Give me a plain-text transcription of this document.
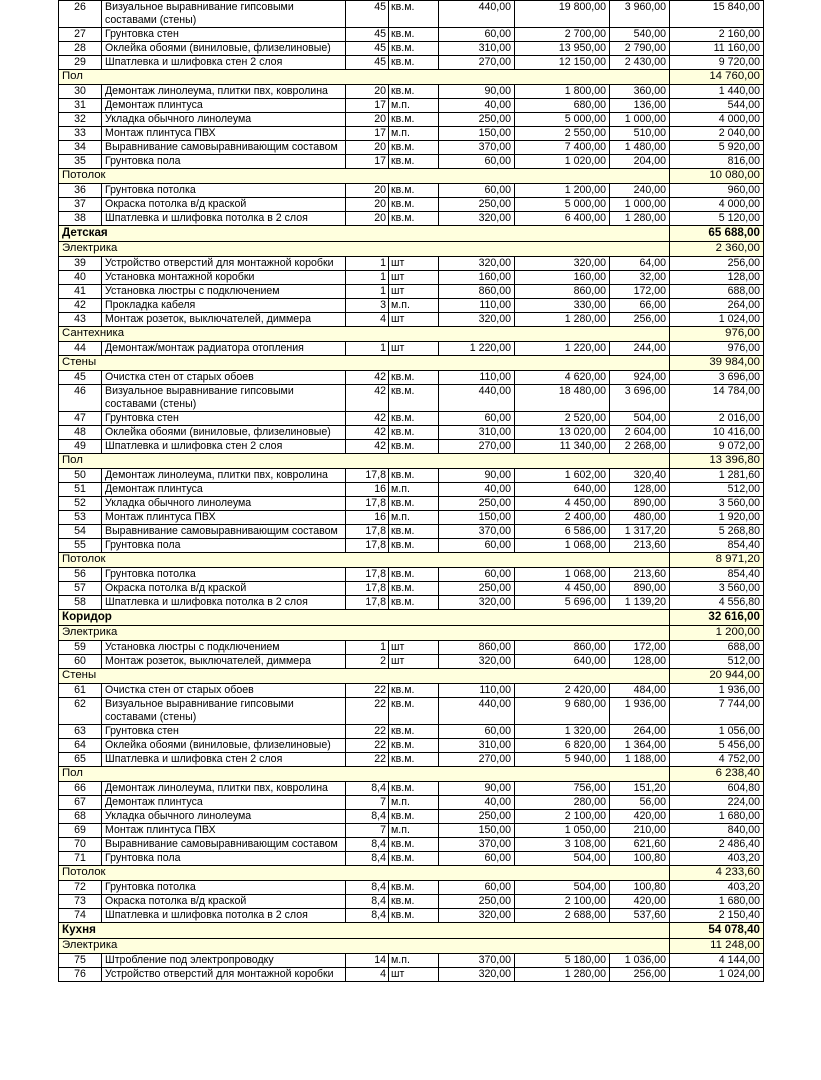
26	Визуальное выравнивание гипсовыми составами (стены)	45	кв.м.	440,00	19 800,00	3 960,00	15 840,00
27	Грунтовка стен	45	кв.м.	60,00	2 700,00	540,00	2 160,00
28	Оклейка обоями (виниловые, флизелиновые)	45	кв.м.	310,00	13 950,00	2 790,00	11 160,00
29	Шпатлевка и шлифовка стен 2 слоя	45	кв.м.	270,00	12 150,00	2 430,00	9 720,00
Пол							14 760,00
30	Демонтаж линолеума, плитки пвх, ковролина	20	кв.м.	90,00	1 800,00	360,00	1 440,00
31	Демонтаж плинтуса	17	м.п.	40,00	680,00	136,00	544,00
32	Укладка обычного линолеума	20	кв.м.	250,00	5 000,00	1 000,00	4 000,00
33	Монтаж плинтуса ПВХ	17	м.п.	150,00	2 550,00	510,00	2 040,00
34	Выравнивание самовыравнивающим составом	20	кв.м.	370,00	7 400,00	1 480,00	5 920,00
35	Грунтовка пола	17	кв.м.	60,00	1 020,00	204,00	816,00
Потолок							10 080,00
36	Грунтовка потолка	20	кв.м.	60,00	1 200,00	240,00	960,00
37	Окраска потолка в/д краской	20	кв.м.	250,00	5 000,00	1 000,00	4 000,00
38	Шпатлевка и шлифовка потолка в 2 слоя	20	кв.м.	320,00	6 400,00	1 280,00	5 120,00
Детская							65 688,00
Электрика							2 360,00
39	Устройство отверстий для монтажной коробки	1	шт	320,00	320,00	64,00	256,00
40	Установка монтажной коробки	1	шт	160,00	160,00	32,00	128,00
41	Установка люстры с подключением	1	шт	860,00	860,00	172,00	688,00
42	Прокладка кабеля	3	м.п.	110,00	330,00	66,00	264,00
43	Монтаж розеток, выключателей, диммера	4	шт	320,00	1 280,00	256,00	1 024,00
Сантехника							976,00
44	Демонтаж/монтаж радиатора отопления	1	шт	1 220,00	1 220,00	244,00	976,00
Стены							39 984,00
45	Очистка стен от старых обоев	42	кв.м.	110,00	4 620,00	924,00	3 696,00
46	Визуальное выравнивание гипсовыми составами (стены)	42	кв.м.	440,00	18 480,00	3 696,00	14 784,00
47	Грунтовка стен	42	кв.м.	60,00	2 520,00	504,00	2 016,00
48	Оклейка обоями (виниловые, флизелиновые)	42	кв.м.	310,00	13 020,00	2 604,00	10 416,00
49	Шпатлевка и шлифовка стен 2 слоя	42	кв.м.	270,00	11 340,00	2 268,00	9 072,00
Пол							13 396,80
50	Демонтаж линолеума, плитки пвх, ковролина	17,8	кв.м.	90,00	1 602,00	320,40	1 281,60
51	Демонтаж плинтуса	16	м.п.	40,00	640,00	128,00	512,00
52	Укладка обычного линолеума	17,8	кв.м.	250,00	4 450,00	890,00	3 560,00
53	Монтаж плинтуса ПВХ	16	м.п.	150,00	2 400,00	480,00	1 920,00
54	Выравнивание самовыравнивающим составом	17,8	кв.м.	370,00	6 586,00	1 317,20	5 268,80
55	Грунтовка пола	17,8	кв.м.	60,00	1 068,00	213,60	854,40
Потолок							8 971,20
56	Грунтовка потолка	17,8	кв.м.	60,00	1 068,00	213,60	854,40
57	Окраска потолка в/д краской	17,8	кв.м.	250,00	4 450,00	890,00	3 560,00
58	Шпатлевка и шлифовка потолка в 2 слоя	17,8	кв.м.	320,00	5 696,00	1 139,20	4 556,80
Коридор							32 616,00
Электрика							1 200,00
59	Установка люстры с подключением	1	шт	860,00	860,00	172,00	688,00
60	Монтаж розеток, выключателей, диммера	2	шт	320,00	640,00	128,00	512,00
Стены							20 944,00
61	Очистка стен от старых обоев	22	кв.м.	110,00	2 420,00	484,00	1 936,00
62	Визуальное выравнивание гипсовыми составами (стены)	22	кв.м.	440,00	9 680,00	1 936,00	7 744,00
63	Грунтовка стен	22	кв.м.	60,00	1 320,00	264,00	1 056,00
64	Оклейка обоями (виниловые, флизелиновые)	22	кв.м.	310,00	6 820,00	1 364,00	5 456,00
65	Шпатлевка и шлифовка стен 2 слоя	22	кв.м.	270,00	5 940,00	1 188,00	4 752,00
Пол							6 238,40
66	Демонтаж линолеума, плитки пвх, ковролина	8,4	кв.м.	90,00	756,00	151,20	604,80
67	Демонтаж плинтуса	7	м.п.	40,00	280,00	56,00	224,00
68	Укладка обычного линолеума	8,4	кв.м.	250,00	2 100,00	420,00	1 680,00
69	Монтаж плинтуса ПВХ	7	м.п.	150,00	1 050,00	210,00	840,00
70	Выравнивание самовыравнивающим составом	8,4	кв.м.	370,00	3 108,00	621,60	2 486,40
71	Грунтовка пола	8,4	кв.м.	60,00	504,00	100,80	403,20
Потолок							4 233,60
72	Грунтовка потолка	8,4	кв.м.	60,00	504,00	100,80	403,20
73	Окраска потолка в/д краской	8,4	кв.м.	250,00	2 100,00	420,00	1 680,00
74	Шпатлевка и шлифовка потолка в 2 слоя	8,4	кв.м.	320,00	2 688,00	537,60	2 150,40
Кухня							54 078,40
Электрика							11 248,00
75	Штробление под электропроводку	14	м.п.	370,00	5 180,00	1 036,00	4 144,00
76	Устройство отверстий для монтажной коробки	4	шт	320,00	1 280,00	256,00	1 024,00
